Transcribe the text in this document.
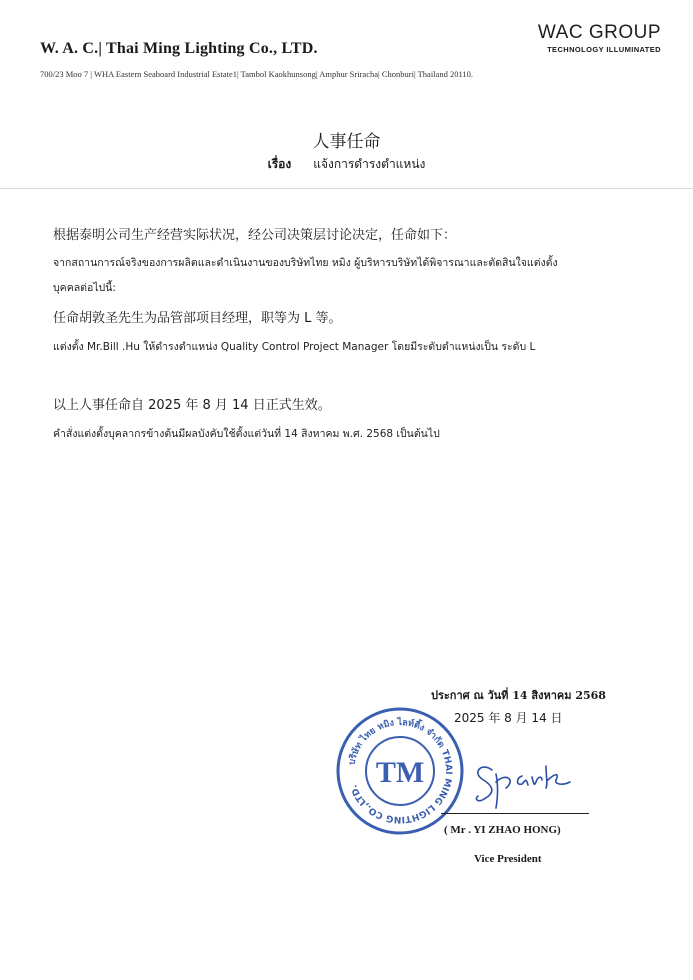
W. A. C.| Thai Ming Lighting Co., LTD.
700/23 Moo 7 | WHA Eastern Seaboard Industrial Estate1| Tambol Kaokhunsong| Amphur Sriracha| Chonburi| Thailand 20110.
WAC GROUP
TECHNOLOGY ILLUMINATED
人事任命
เรื่อง แจ้งการดำรงตำแหน่ง
根据泰明公司生产经营实际状况，经公司决策层讨论决定，任命如下：
จากสถานการณ์จริงของการผลิตและดำเนินงานของบริษัทไทย หมิง ผู้บริหารบริษัทได้พิจารณาและตัดสินใจแต่งตั้ง
บุคคลต่อไปนี้:
任命胡敦圣先生为品管部项目经理，职等为 L 等。
แต่งตั้ง Mr.Bill .Hu ให้ดำรงตำแหน่ง Quality Control Project Manager โดยมีระดับตำแหน่งเป็น ระดับ L
以上人事任命自 2025 年 8 月 14 日正式生效。
คำสั่งแต่งตั้งบุคลากรข้างต้นมีผลบังคับใช้ตั้งแต่วันที่ 14 สิงหาคม พ.ศ. 2568 เป็นต้นไป
ประกาศ ณ วันที่ 14 สิงหาคม 2568
2025 年 8 月 14 日
บริษัท ไทย หมิง ไลท์ติ้ง จำกัด THAI MING LIGHTING CO.,LTD. TM
( Mr . YI ZHAO HONG)
Vice President
